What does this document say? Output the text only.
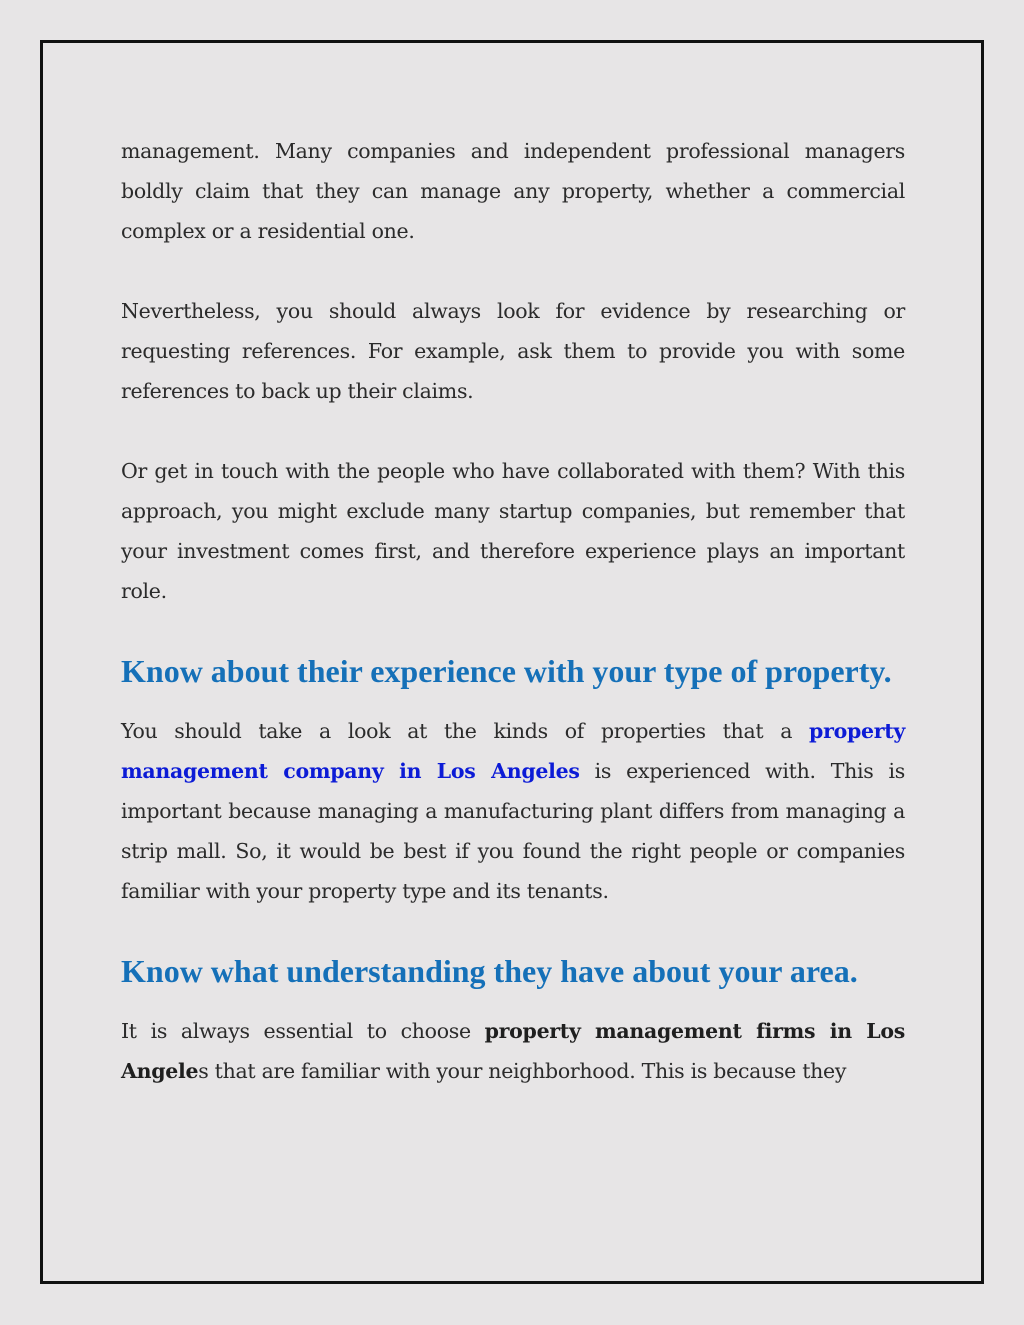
management. Many companies and independent professional managers boldly claim that they can manage any property, whether a commercial complex or a residential one.

Nevertheless, you should always look for evidence by researching or requesting references. For example, ask them to provide you with some references to back up their claims.

Or get in touch with the people who have collaborated with them? With this approach, you might exclude many startup companies, but remember that your investment comes first, and therefore experience plays an important role.

Know about their experience with your type of property.

You should take a look at the kinds of properties that a property management company in Los Angeles is experienced with. This is important because managing a manufacturing plant differs from managing a strip mall. So, it would be best if you found the right people or companies familiar with your property type and its tenants.

Know what understanding they have about your area.

It is always essential to choose property management firms in Los Angeles that are familiar with your neighborhood. This is because they
